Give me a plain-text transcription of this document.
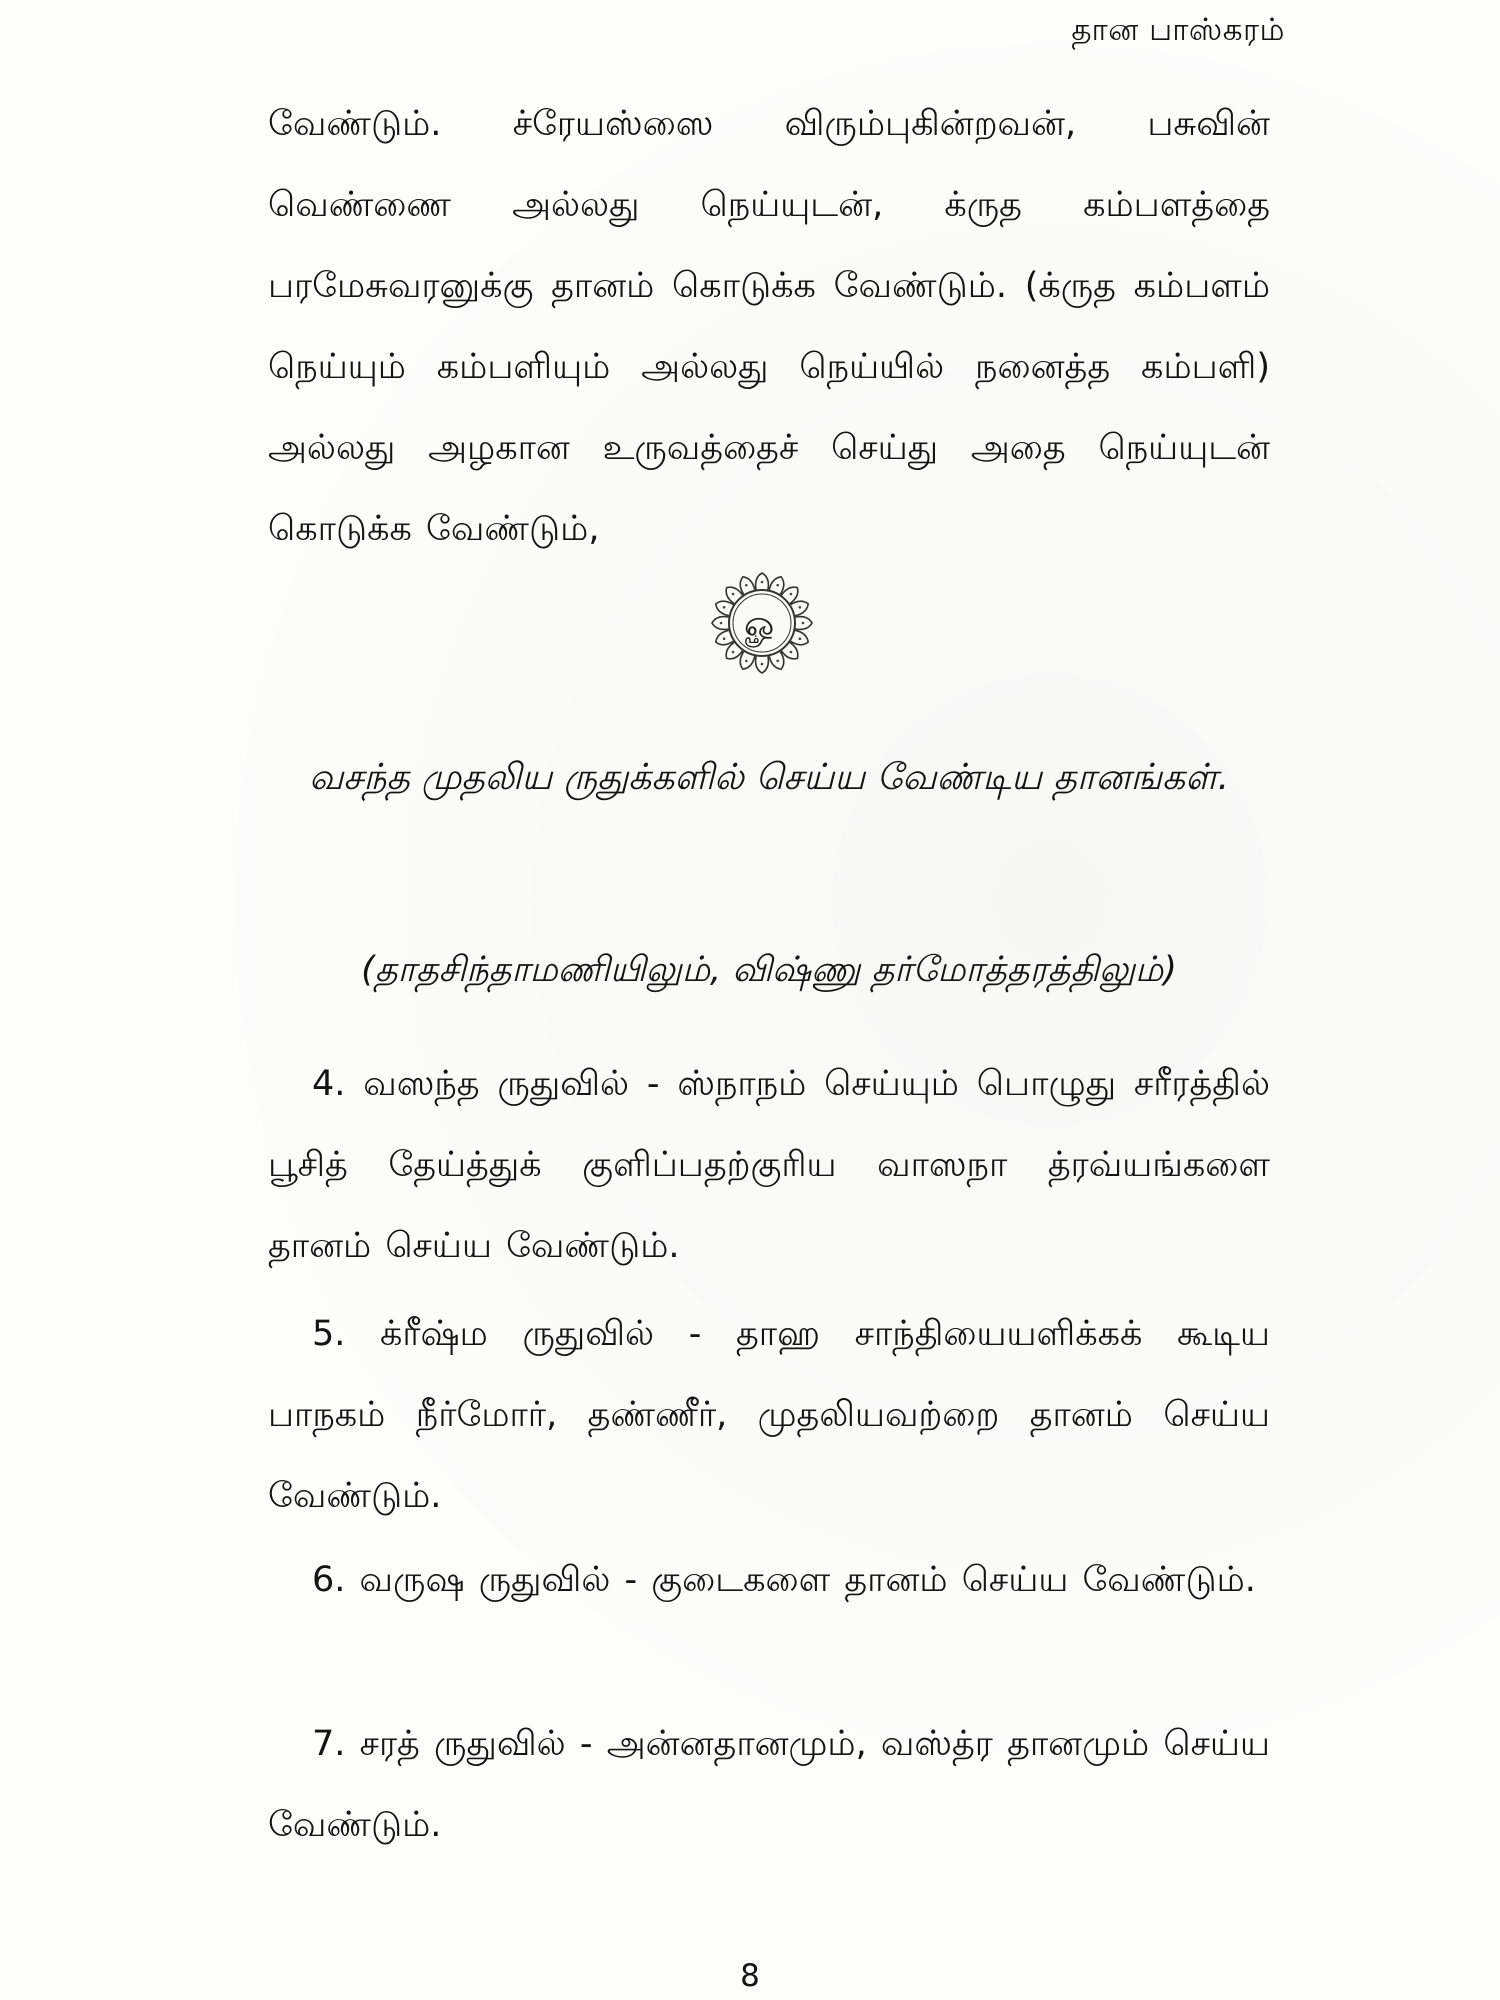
தான பாஸ்கரம்
வேண்டும். ச்ரேயஸ்ஸை விரும்புகின்றவன், பசுவின் வெண்ணை அல்லது நெய்யுடன், க்ருத கம்பளத்தை பரமேசுவரனுக்கு தானம் கொடுக்க வேண்டும். (க்ருத கம்பளம் நெய்யும் கம்பளியும் அல்லது நெய்யில் நனைத்த கம்பளி) அல்லது அழகான உருவத்தைச் செய்து அதை நெய்யுடன் கொடுக்க வேண்டும்,
ௐ
வசந்த முதலிய ருதுக்களில் செய்ய வேண்டிய தானங்கள்.
(தாதசிந்தாமணியிலும், விஷ்ணு தர்மோத்தரத்திலும்)
4. வஸந்த ருதுவில் - ஸ்நாநம் செய்யும் பொழுது சரீரத்தில் பூசித் தேய்த்துக் குளிப்பதற்குரிய வாஸநா த்ரவ்யங்களை தானம் செய்ய வேண்டும்.
5. க்ரீஷ்ம ருதுவில் - தாஹ சாந்தியையளிக்கக் கூடிய பாநகம் நீர்மோர், தண்ணீர், முதலியவற்றை தானம் செய்ய வேண்டும்.
6. வருஷ ருதுவில் - குடைகளை தானம் செய்ய வேண்டும்.
7. சரத் ருதுவில் - அன்னதானமும், வஸ்த்ர தானமும் செய்ய வேண்டும்.
8
